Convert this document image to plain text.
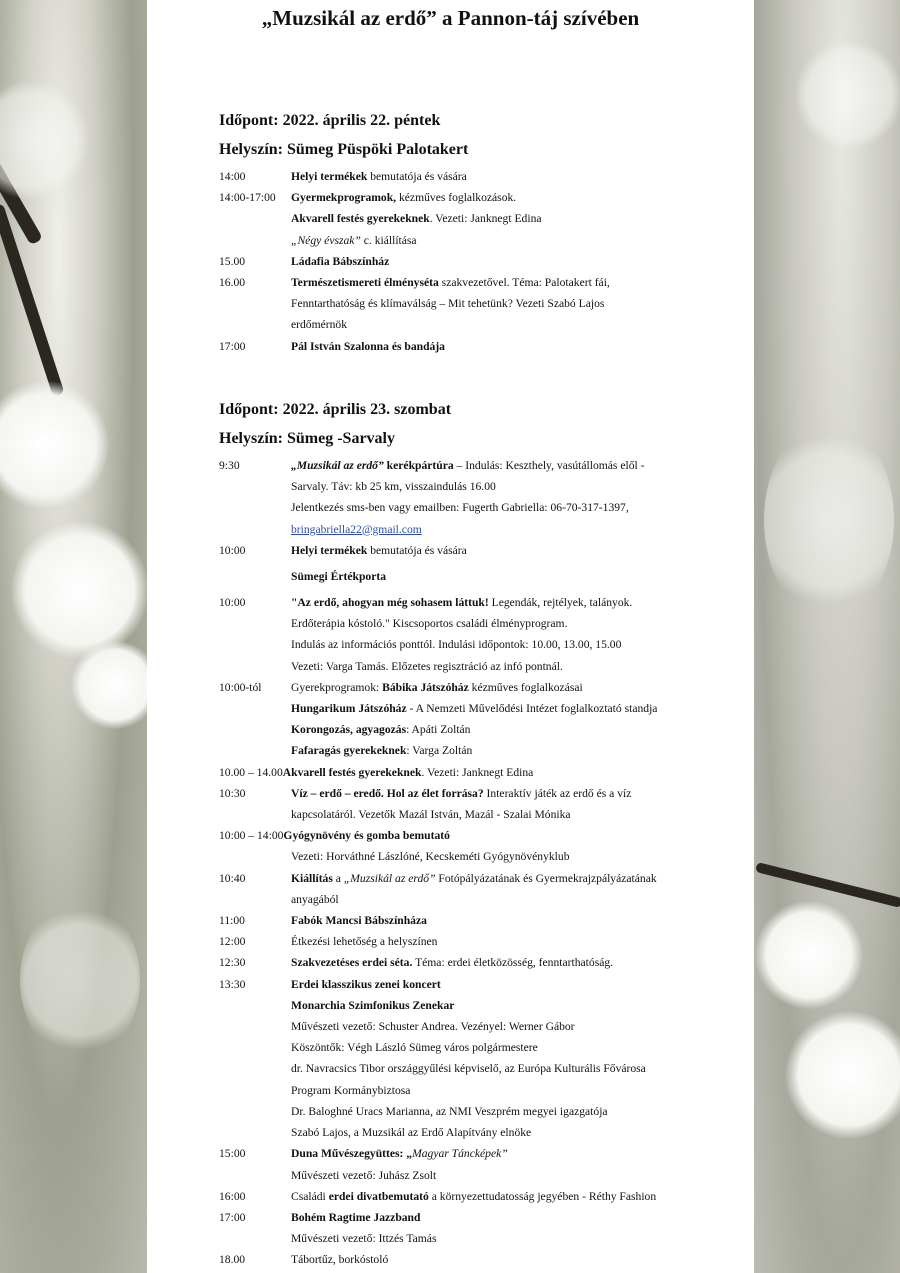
„Muzsikál az erdő” a Pannon-táj szívében
Időpont: 2022. április 22. péntek
Helyszín: Sümeg Püspöki Palotakert
14:00	Helyi termékek bemutatója és vására
14:00-17:00	Gyermekprogramok, kézműves foglalkozások.
Akvarell festés gyerekeknek. Vezeti: Janknegt Edina
„Négy évszak” c. kiállítása
15.00	Ládafia Bábszínház
16.00	Természetismereti élményséta szakvezetővel. Téma: Palotakert fái,
Fenntarthatóság és klímaválság – Mit tehetünk? Vezeti Szabó Lajos
erdőmérnök
17:00	Pál István Szalonna és bandája
Időpont: 2022. április 23. szombat
Helyszín: Sümeg -Sarvaly
9:30	„Muzsikál az erdő” kerékpártúra – Indulás: Keszthely, vasútállomás elől -
Sarvaly. Táv: kb 25 km, visszaindulás 16.00
Jelentkezés sms-ben vagy emailben: Fugerth Gabriella: 06-70-317-1397,
bringabriella22@gmail.com
10:00	Helyi termékek bemutatója és vására
Sümegi Értékporta
10:00	"Az erdő, ahogyan még sohasem láttuk! Legendák, rejtélyek, talányok.
Erdőterápia kóstoló." Kiscsoportos családi élményprogram.
Indulás az információs ponttól. Indulási időpontok: 10.00, 13.00, 15.00
Vezeti: Varga Tamás. Előzetes regisztráció az infó pontnál.
10:00-tól	Gyerekprogramok: Bábika Játszóház kézműves foglalkozásai
Hungarikum Játszóház - A Nemzeti Művelődési Intézet foglalkoztató standja
Korongozás, agyagozás: Apáti Zoltán
Fafaragás gyerekeknek: Varga Zoltán
10.00 – 14.00 Akvarell festés gyerekeknek. Vezeti: Janknegt Edina
10:30	Víz – erdő – eredő. Hol az élet forrása? Interaktív játék az erdő és a víz
kapcsolatáról. Vezetők Mazál István, Mazál - Szalai Mónika
10:00 – 14:00 Gyógynövény és gomba bemutató
Vezeti: Horváthné Lászlóné, Kecskeméti Gyógynövényklub
10:40	Kiállítás a „Muzsikál az erdő” Fotópályázatának és Gyermekrajzpályázatának
anyagából
11:00	Fabók Mancsi Bábszínháza
12:00	Étkezési lehetőség a helyszínen
12:30	Szakvezetéses erdei séta. Téma: erdei életközösség, fenntarthatóság.
13:30	Erdei klasszikus zenei koncert
Monarchia Szimfonikus Zenekar
Művészeti vezető: Schuster Andrea. Vezényel: Werner Gábor
Köszöntők: Végh László Sümeg város polgármestere
dr. Navracsics Tibor országgyűlési képviselő, az Európa Kulturális Fővárosa
Program Kormánybiztosa
Dr. Baloghné Uracs Marianna, az NMI Veszprém megyei igazgatója
Szabó Lajos, a Muzsikál az Erdő Alapítvány elnöke
15:00	Duna Művészegyüttes: „Magyar Táncképek”
Művészeti vezető: Juhász Zsolt
16:00	Családi erdei divatbemutató a környezettudatosság jegyében - Réthy Fashion
17:00	Bohém Ragtime Jazzband
Művészeti vezető: Ittzés Tamás
18.00	Tábortűz, borkóstoló
